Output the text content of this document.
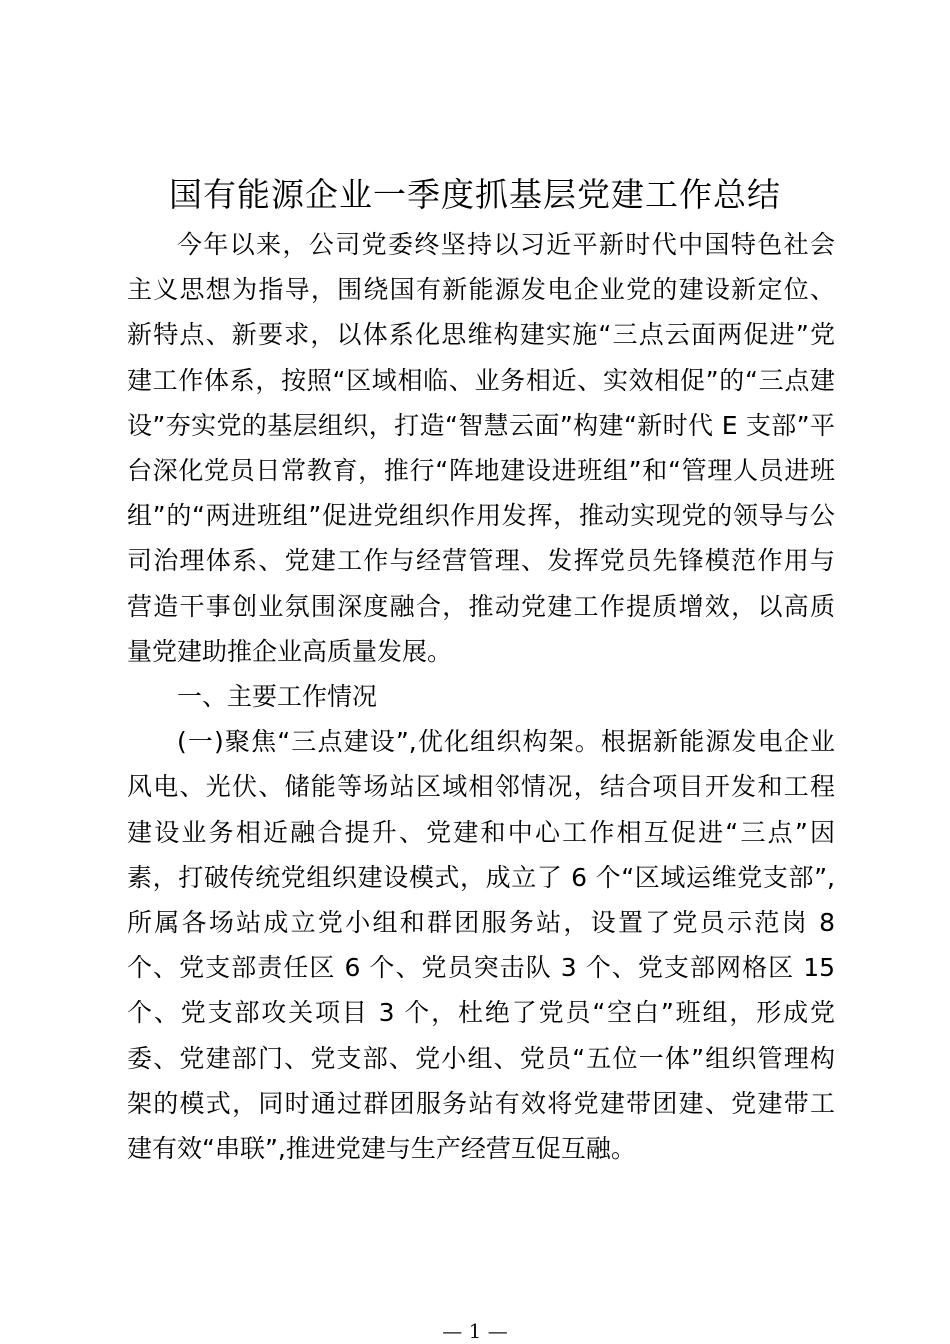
国有能源企业一季度抓基层党建工作总结
今年以来，公司党委终坚持以习近平新时代中国特色社会
主义思想为指导，围绕国有新能源发电企业党的建设新定位、
新特点、新要求，以体系化思维构建实施“三点云面两促进”党
建工作体系，按照“区域相临、业务相近、实效相促”的“三点建
设”夯实党的基层组织，打造“智慧云面”构建“新时代 E 支部”平
台深化党员日常教育，推行“阵地建设进班组”和“管理人员进班
组”的“两进班组”促进党组织作用发挥，推动实现党的领导与公
司治理体系、党建工作与经营管理、发挥党员先锋模范作用与
营造干事创业氛围深度融合，推动党建工作提质增效，以高质
量党建助推企业高质量发展。
一、主要工作情况
(一)聚焦“三点建设”,优化组织构架。根据新能源发电企业
风电、光伏、储能等场站区域相邻情况，结合项目开发和工程
建设业务相近融合提升、党建和中心工作相互促进“三点”因
素，打破传统党组织建设模式，成立了 6 个“区域运维党支部”,
所属各场站成立党小组和群团服务站，设置了党员示范岗 8
个、党支部责任区 6 个、党员突击队 3 个、党支部网格区 15
个、党支部攻关项目 3 个，杜绝了党员“空白”班组，形成党
委、党建部门、党支部、党小组、党员“五位一体”组织管理构
架的模式，同时通过群团服务站有效将党建带团建、党建带工
建有效“串联”,推进党建与生产经营互促互融。
— 1 —
